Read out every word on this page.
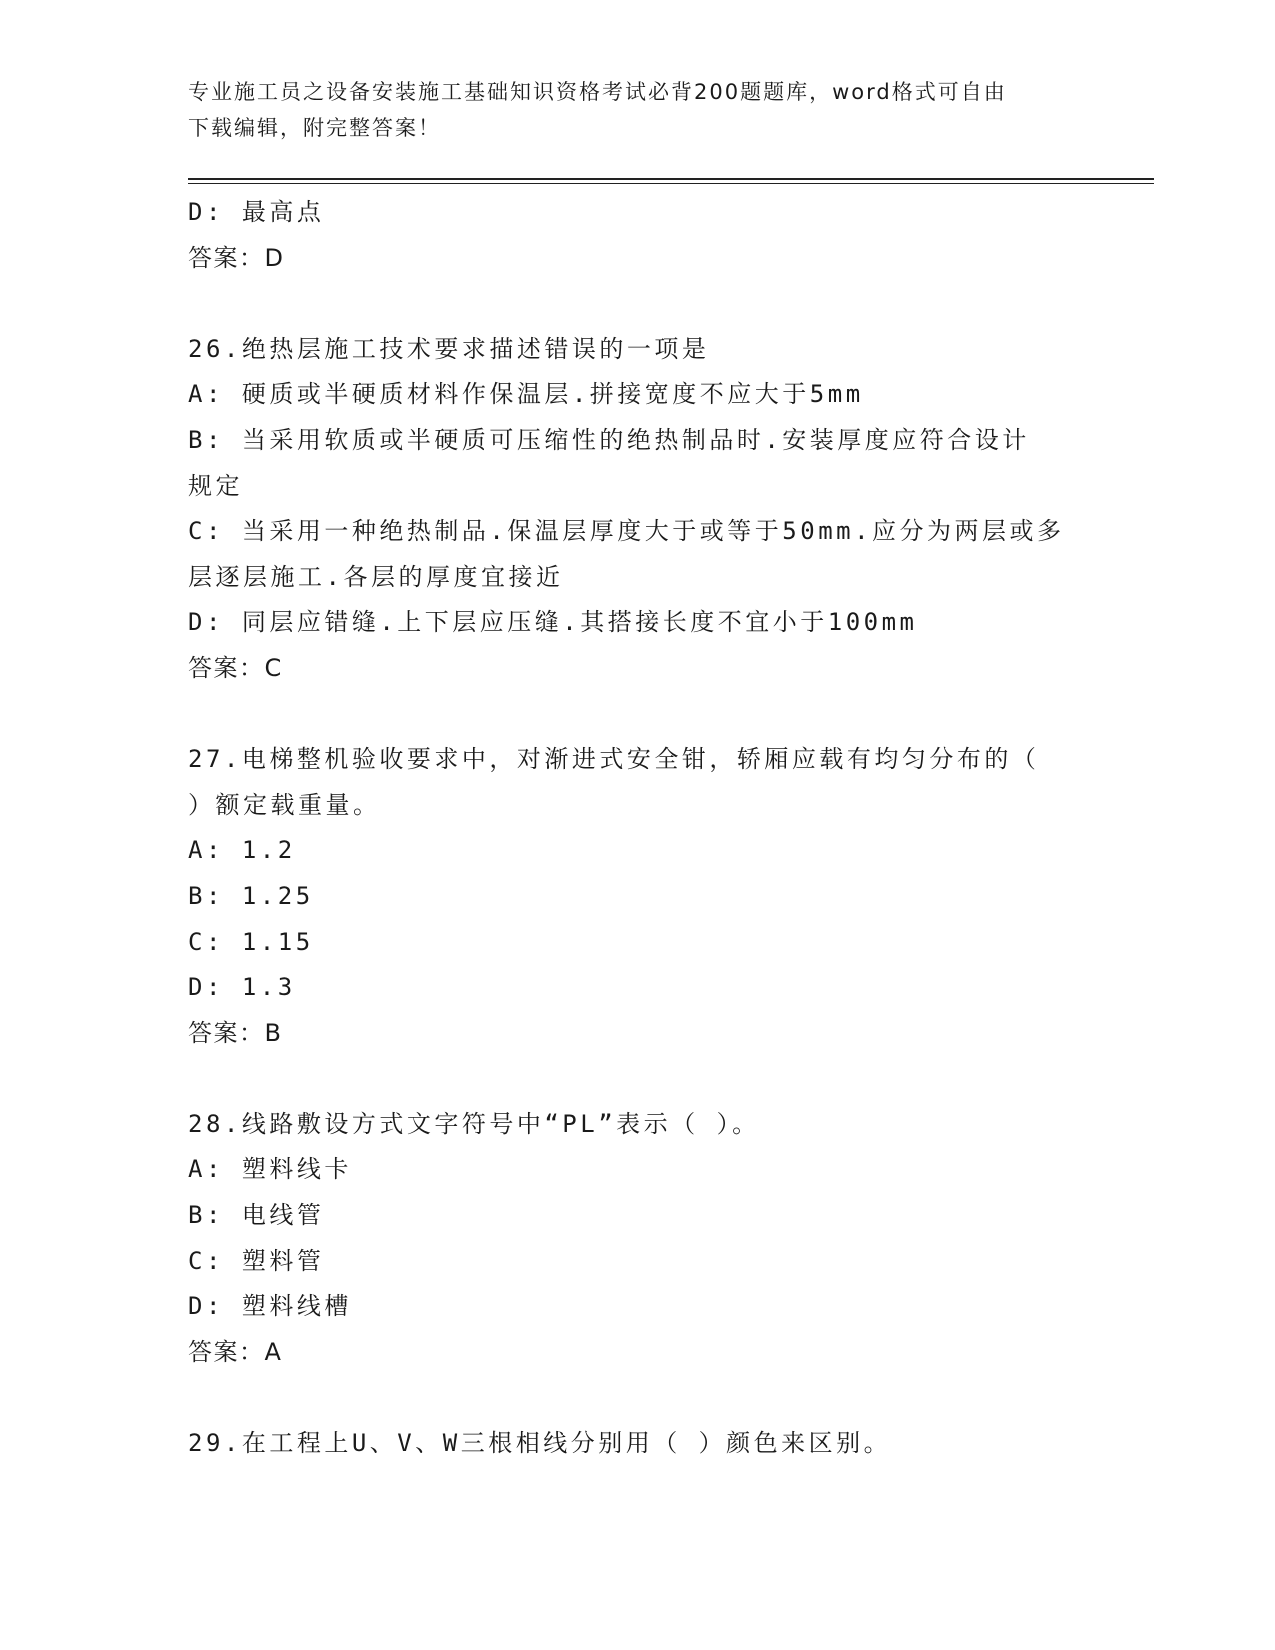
专业施工员之设备安装施工基础知识资格考试必背200题题库，word格式可自由
下载编辑，附完整答案！
D: 最高点
答案：D
26.绝热层施工技术要求描述错误的一项是
A: 硬质或半硬质材料作保温层.拼接宽度不应大于5mm
B: 当采用软质或半硬质可压缩性的绝热制品时.安装厚度应符合设计
规定
C: 当采用一种绝热制品.保温层厚度大于或等于50mm.应分为两层或多
层逐层施工.各层的厚度宜接近
D: 同层应错缝.上下层应压缝.其搭接长度不宜小于100mm
答案：C
27.电梯整机验收要求中，对渐进式安全钳，轿厢应载有均匀分布的（
）额定载重量。
A: 1.2
B: 1.25
C: 1.15
D: 1.3
答案：B
28.线路敷设方式文字符号中“PL”表示（ ）。
A: 塑料线卡
B: 电线管
C: 塑料管
D: 塑料线槽
答案：A
29.在工程上U、V、W三根相线分别用（ ）颜色来区别。
